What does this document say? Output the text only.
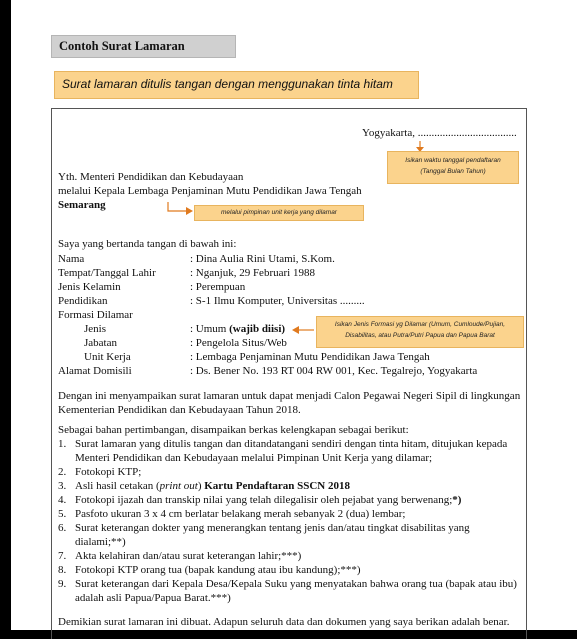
Contoh Surat Lamaran
Surat lamaran ditulis tangan dengan menggunakan tinta hitam
Yogyakarta, ....................................
Isikan waktu tanggal pendaftaran
(Tanggal Bulan Tahun)
Yth. Menteri Pendidikan dan Kebudayaan
melalui Kepala Lembaga Penjaminan Mutu Pendidikan Jawa Tengah
Semarang
melalui pimpinan unit kerja yang dilamar
Saya yang bertanda tangan di bawah ini:
Nama	: Dina Aulia Rini Utami, S.Kom.
Tempat/Tanggal Lahir	: Nganjuk, 29 Februari 1988
Jenis Kelamin	: Perempuan
Pendidikan	: S-1 Ilmu Komputer, Universitas .........
Formasi Dilamar
Jenis	: Umum (wajib diisi)	Isikan Jenis Formasi yg Dilamar (Umum, Cumloude/Pujian,
Disabilitas, atau Putra/Putri Papua dan Papua Barat
Jabatan	: Pengelola Situs/Web
Unit Kerja	: Lembaga Penjaminan Mutu Pendidikan Jawa Tengah
Alamat Domisili	: Ds. Bener No. 193 RT 004 RW 001, Kec. Tegalrejo, Yogyakarta
Dengan ini menyampaikan surat lamaran untuk dapat menjadi Calon Pegawai Negeri Sipil di lingkungan
Kementerian Pendidikan dan Kebudayaan Tahun 2018.
Sebagai bahan pertimbangan, disampaikan berkas kelengkapan sebagai berikut:
1. Surat lamaran yang ditulis tangan dan ditandatangani sendiri dengan tinta hitam, ditujukan kepada
Menteri Pendidikan dan Kebudayaan melalui Pimpinan Unit Kerja yang dilamar;
2. Fotokopi KTP;
3. Asli hasil cetakan (print out) Kartu Pendaftaran SSCN 2018
4. Fotokopi ijazah dan transkip nilai yang telah dilegalisir oleh pejabat yang berwenang;*)
5. Pasfoto ukuran 3 x 4 cm berlatar belakang merah sebanyak 2 (dua) lembar;
6. Surat keterangan dokter yang menerangkan tentang jenis dan/atau tingkat disabilitas yang
dialami;**)
7. Akta kelahiran dan/atau surat keterangan lahir;***)
8. Fotokopi KTP orang tua (bapak kandung atau ibu kandung);***)
9. Surat keterangan dari Kepala Desa/Kepala Suku yang menyatakan bahwa orang tua (bapak atau ibu)
adalah asli Papua/Papua Barat.***)
Demikian surat lamaran ini dibuat. Adapun seluruh data dan dokumen yang saya berikan adalah benar.
